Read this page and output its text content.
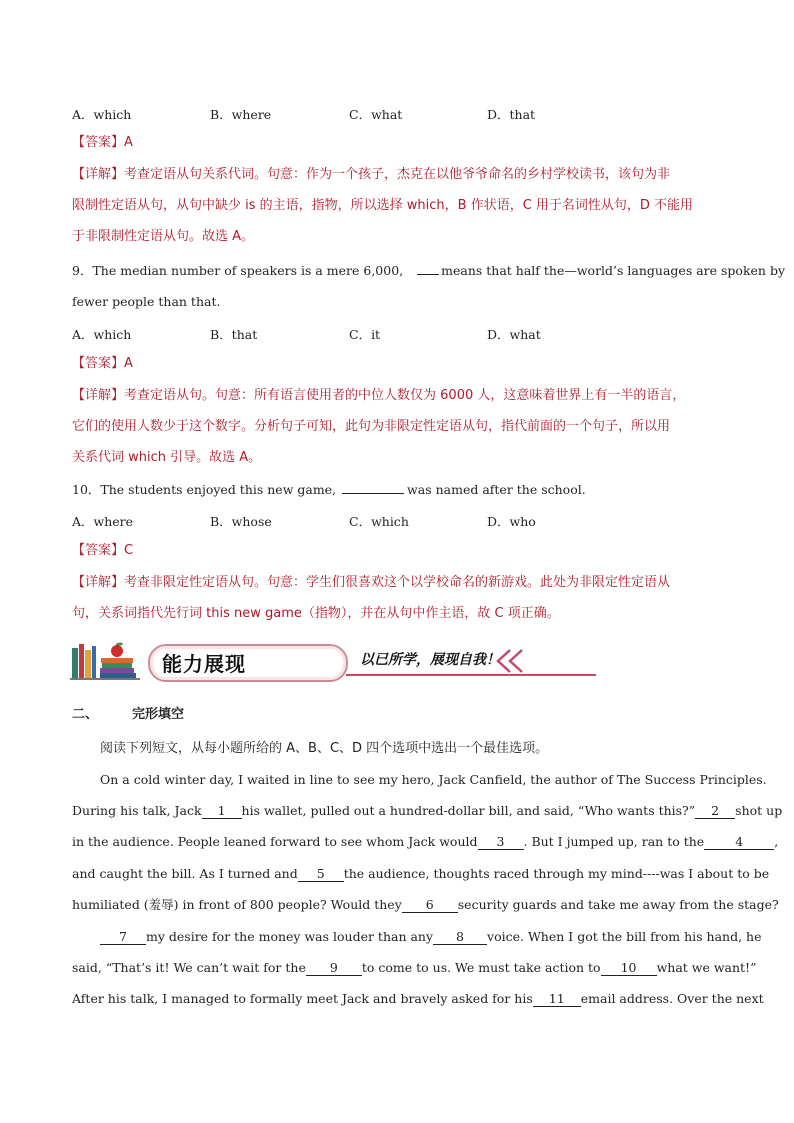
A．which	B．where	C．what	D．that
【答案】A
【详解】考查定语从句关系代词。句意：作为一个孩子，杰克在以他爷爷命名的乡村学校读书，该句为非
限制性定语从句，从句中缺少 is 的主语，指物，所以选择 which，B 作状语，C 用于名词性从句，D 不能用
于非限制性定语从句。故选 A。
9．The median number of speakers is a mere 6,000,	means that half the—world’s languages are spoken by
fewer people than that.
A．which	B．that	C．it	D．what
【答案】A
【详解】考查定语从句。句意：所有语言使用者的中位人数仅为 6000 人，这意味着世界上有一半的语言，
它们的使用人数少于这个数字。分析句子可知，此句为非限定性定语从句，指代前面的一个句子，所以用
关系代词 which 引导。故选 A。
10．The students enjoyed this new game,	was named after the school.
A．where	B．whose	C．which	D．who
【答案】C
【详解】考查非限定性定语从句。句意：学生们很喜欢这个以学校命名的新游戏。此处为非限定性定语从
句，关系词指代先行词 this new game（指物），并在从句中作主语，故 C 项正确。
能力展现	以已所学，展现自我！
二、	完形填空
阅读下列短文，从每小题所给的 A、B、C、D 四个选项中选出一个最佳选项。
On a cold winter day, I waited in line to see my hero, Jack Canfield, the author of The Success Principles.
During his talk, Jack 1 his wallet, pulled out a hundred-dollar bill, and said, “Who wants this?” 2 shot up
in the audience. People leaned forward to see whom Jack would 3 . But I jumped up, ran to the 4 ,
and caught the bill. As I turned and 5 the audience, thoughts raced through my mind----was I about to be
humiliated (羞辱) in front of 800 people? Would they 6 security guards and take me away from the stage?
7 my desire for the money was louder than any 8 voice. When I got the bill from his hand, he
said, “That’s it! We can’t wait for the 9 to come to us. We must take action to 10 what we want!”
After his talk, I managed to formally meet Jack and bravely asked for his 11 email address. Over the next
